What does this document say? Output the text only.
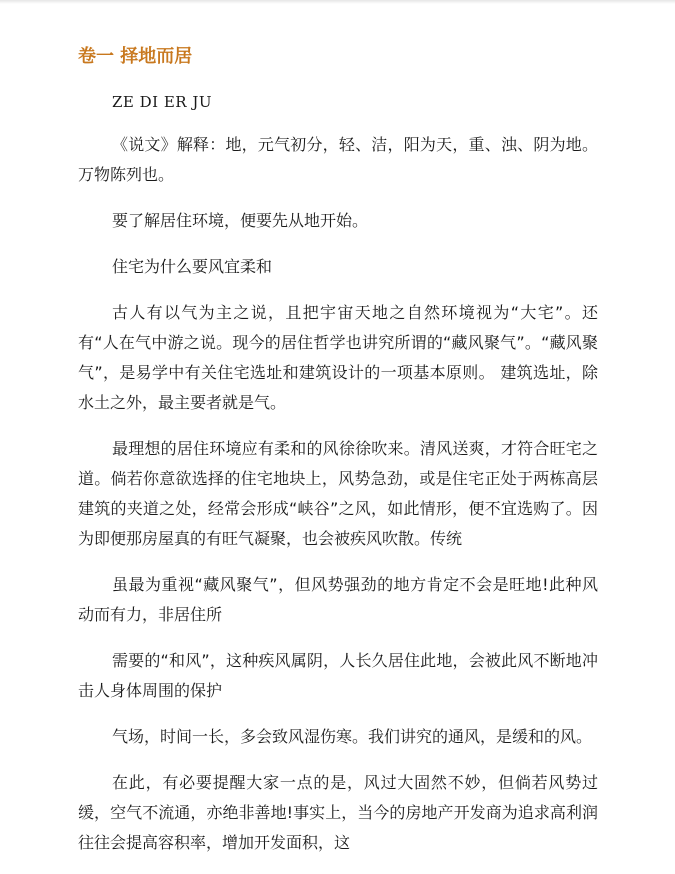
卷一 择地而居

ZE DI ER JU

《说文》解释：地，元气初分，轻、洁，阳为天，重、浊、阴为地。万物陈列也。

要了解居住环境，便要先从地开始。

住宅为什么要风宜柔和

古人有以气为主之说，且把宇宙天地之自然环境视为“大宅”。还有“人在气中游之说。现今的居住哲学也讲究所谓的“藏风聚气”。“藏风聚气”，是易学中有关住宅选址和建筑设计的一项基本原则。 建筑选址，除水土之外，最主要者就是气。

最理想的居住环境应有柔和的风徐徐吹来。清风送爽，才符合旺宅之道。倘若你意欲选择的住宅地块上，风势急劲，或是住宅正处于两栋高层建筑的夹道之处，经常会形成“峡谷”之风，如此情形，便不宜选购了。因为即便那房屋真的有旺气凝聚，也会被疾风吹散。传统

虽最为重视“藏风聚气”，但风势强劲的地方肯定不会是旺地!此种风动而有力，非居住所

需要的“和风”，这种疾风属阴，人长久居住此地，会被此风不断地冲击人身体周围的保护

气场，时间一长，多会致风湿伤寒。我们讲究的通风，是缓和的风。

在此，有必要提醒大家一点的是，风过大固然不妙，但倘若风势过缓，空气不流通，亦绝非善地!事实上，当今的房地产开发商为追求高利润往往会提高容积率，增加开发面积，这
